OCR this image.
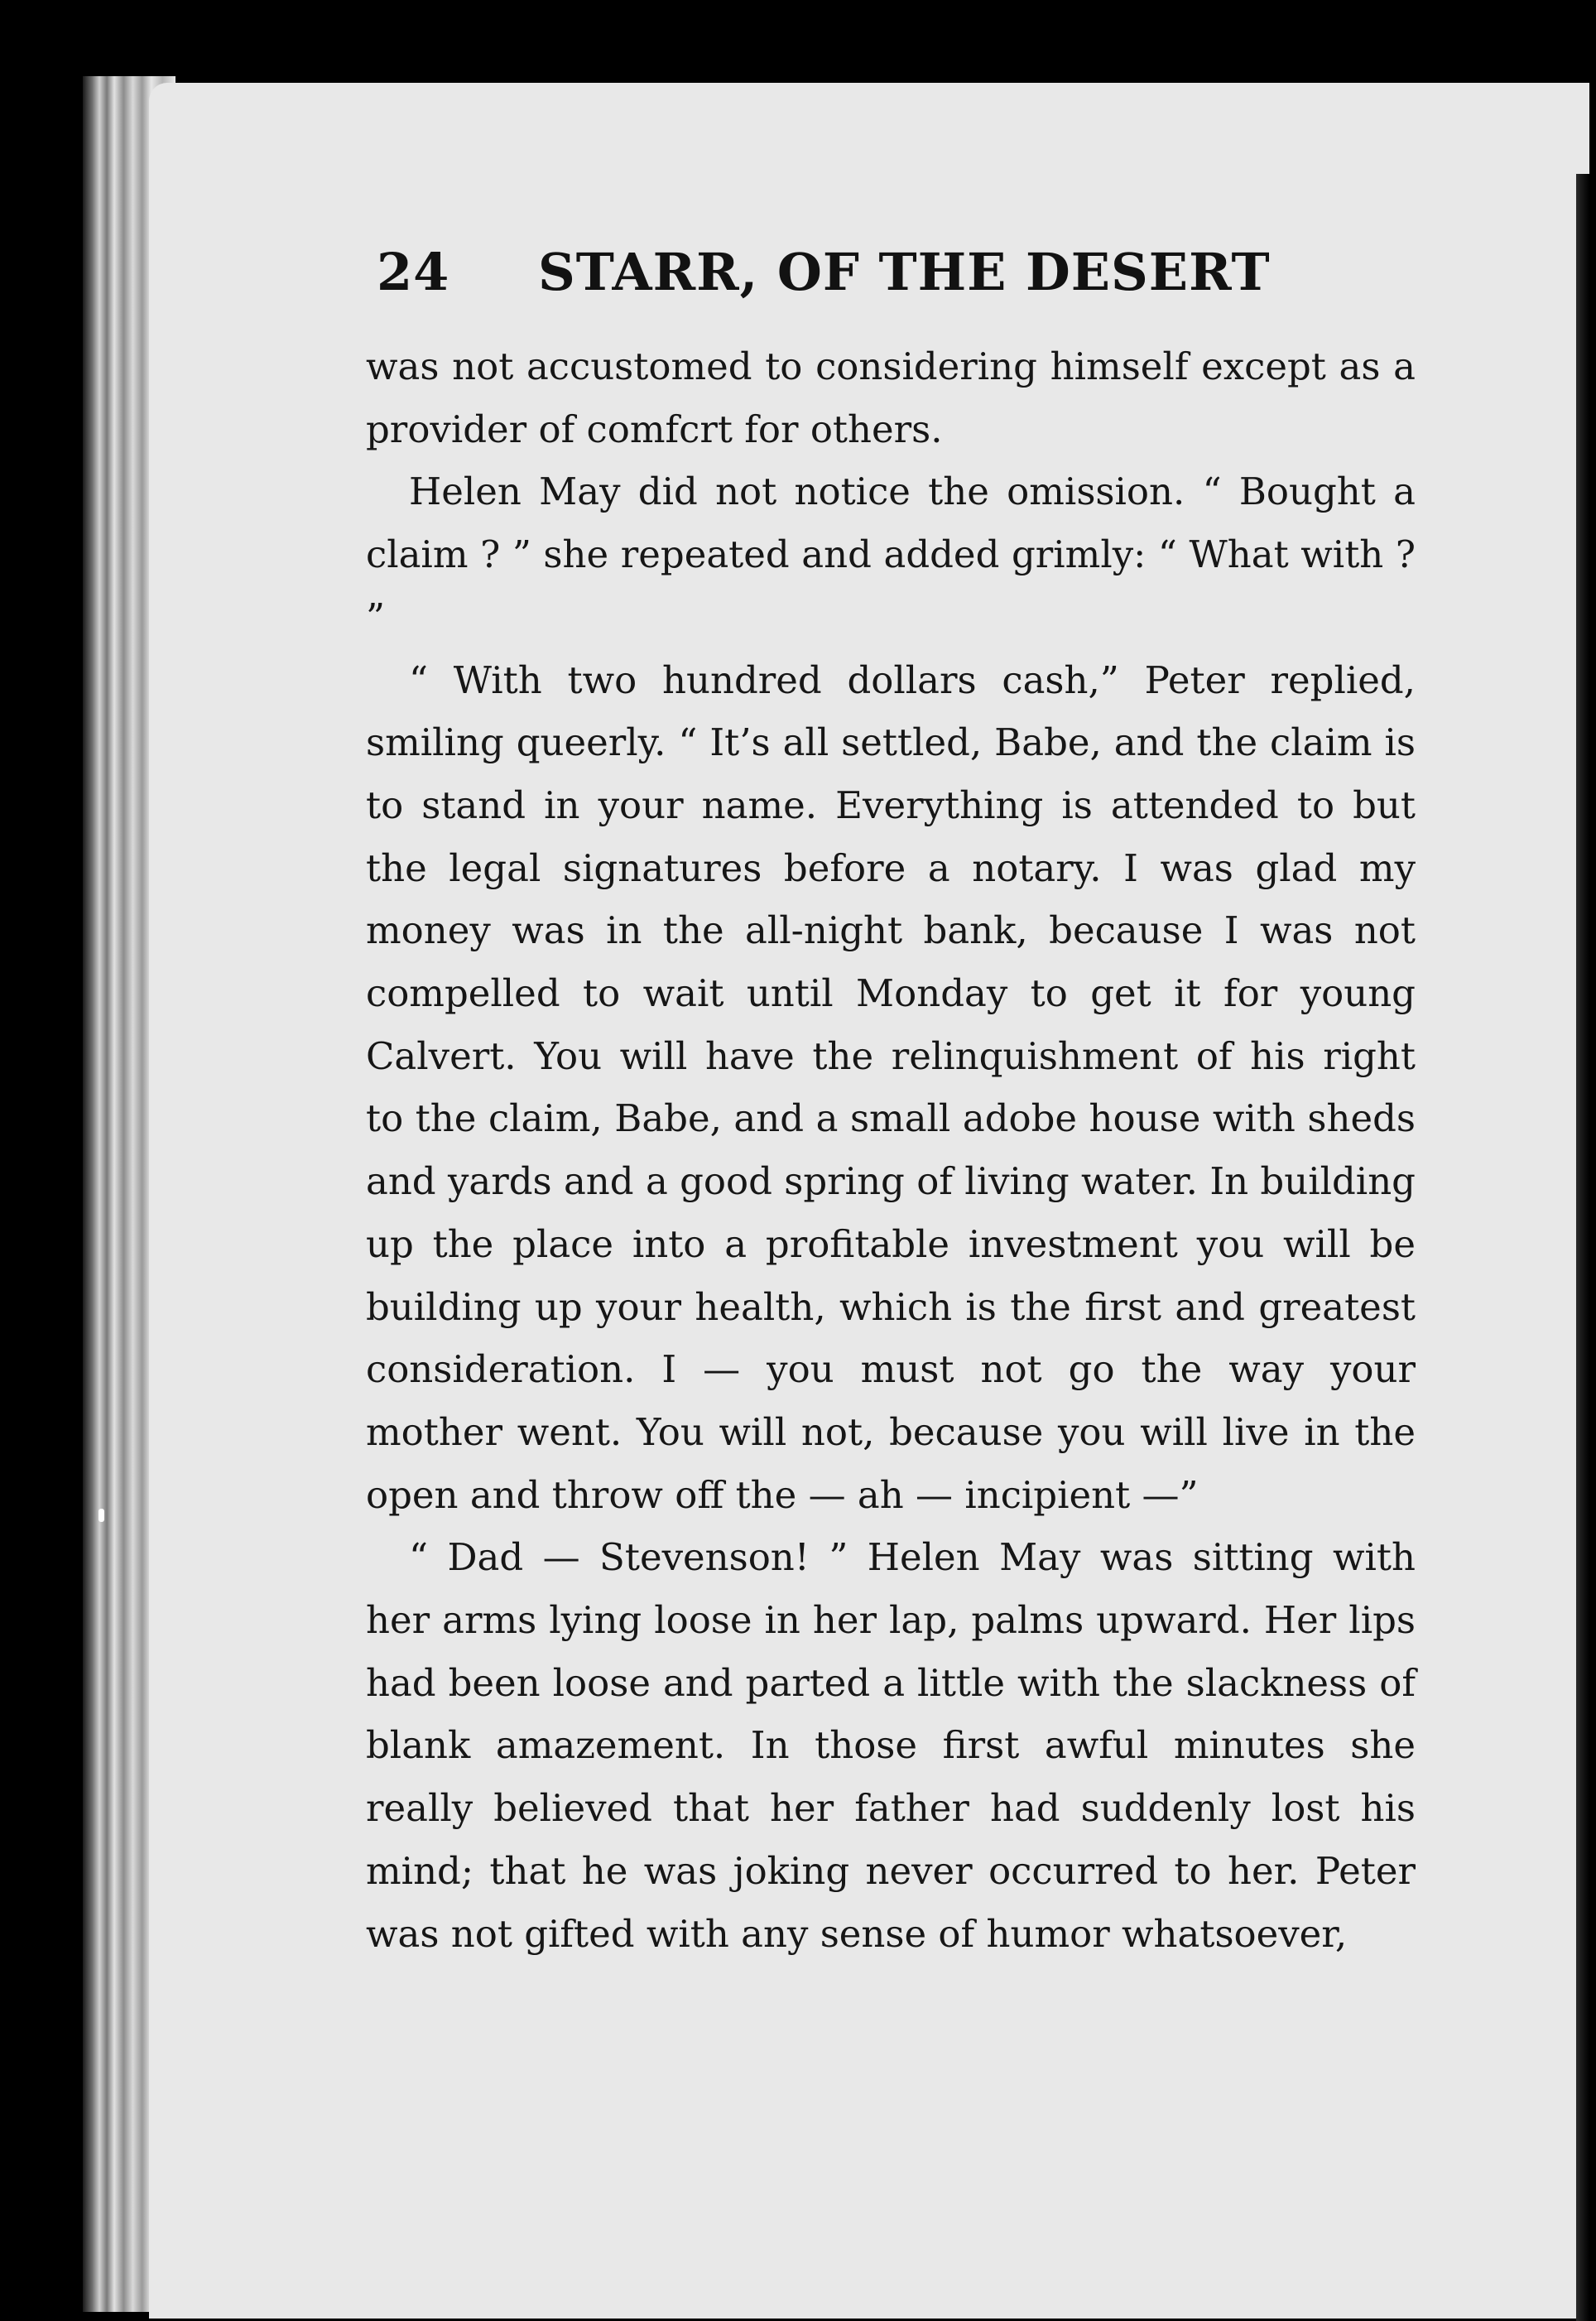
24 STARR, OF THE DESERT

was not accustomed to considering himself except as a provider of comfcrt for others.

Helen May did not notice the omission. “ Bought a claim ? ” she repeated and added grimly: “ What with ? ”

“ With two hundred dollars cash,” Peter replied, smiling queerly. “ It’s all settled, Babe, and the claim is to stand in your name. Everything is attended to but the legal signatures before a notary. I was glad my money was in the all-night bank, because I was not compelled to wait until Monday to get it for young Calvert. You will have the relinquishment of his right to the claim, Babe, and a small adobe house with sheds and yards and a good spring of living water. In building up the place into a profitable investment you will be building up your health, which is the first and greatest consideration. I — you must not go the way your mother went. You will not, because you will live in the open and throw off the — ah — incipient —”

“ Dad — Stevenson! ” Helen May was sitting with her arms lying loose in her lap, palms upward. Her lips had been loose and parted a little with the slackness of blank amazement. In those first awful minutes she really believed that her father had suddenly lost his mind; that he was joking never occurred to her. Peter was not gifted with any sense of humor whatsoever,
